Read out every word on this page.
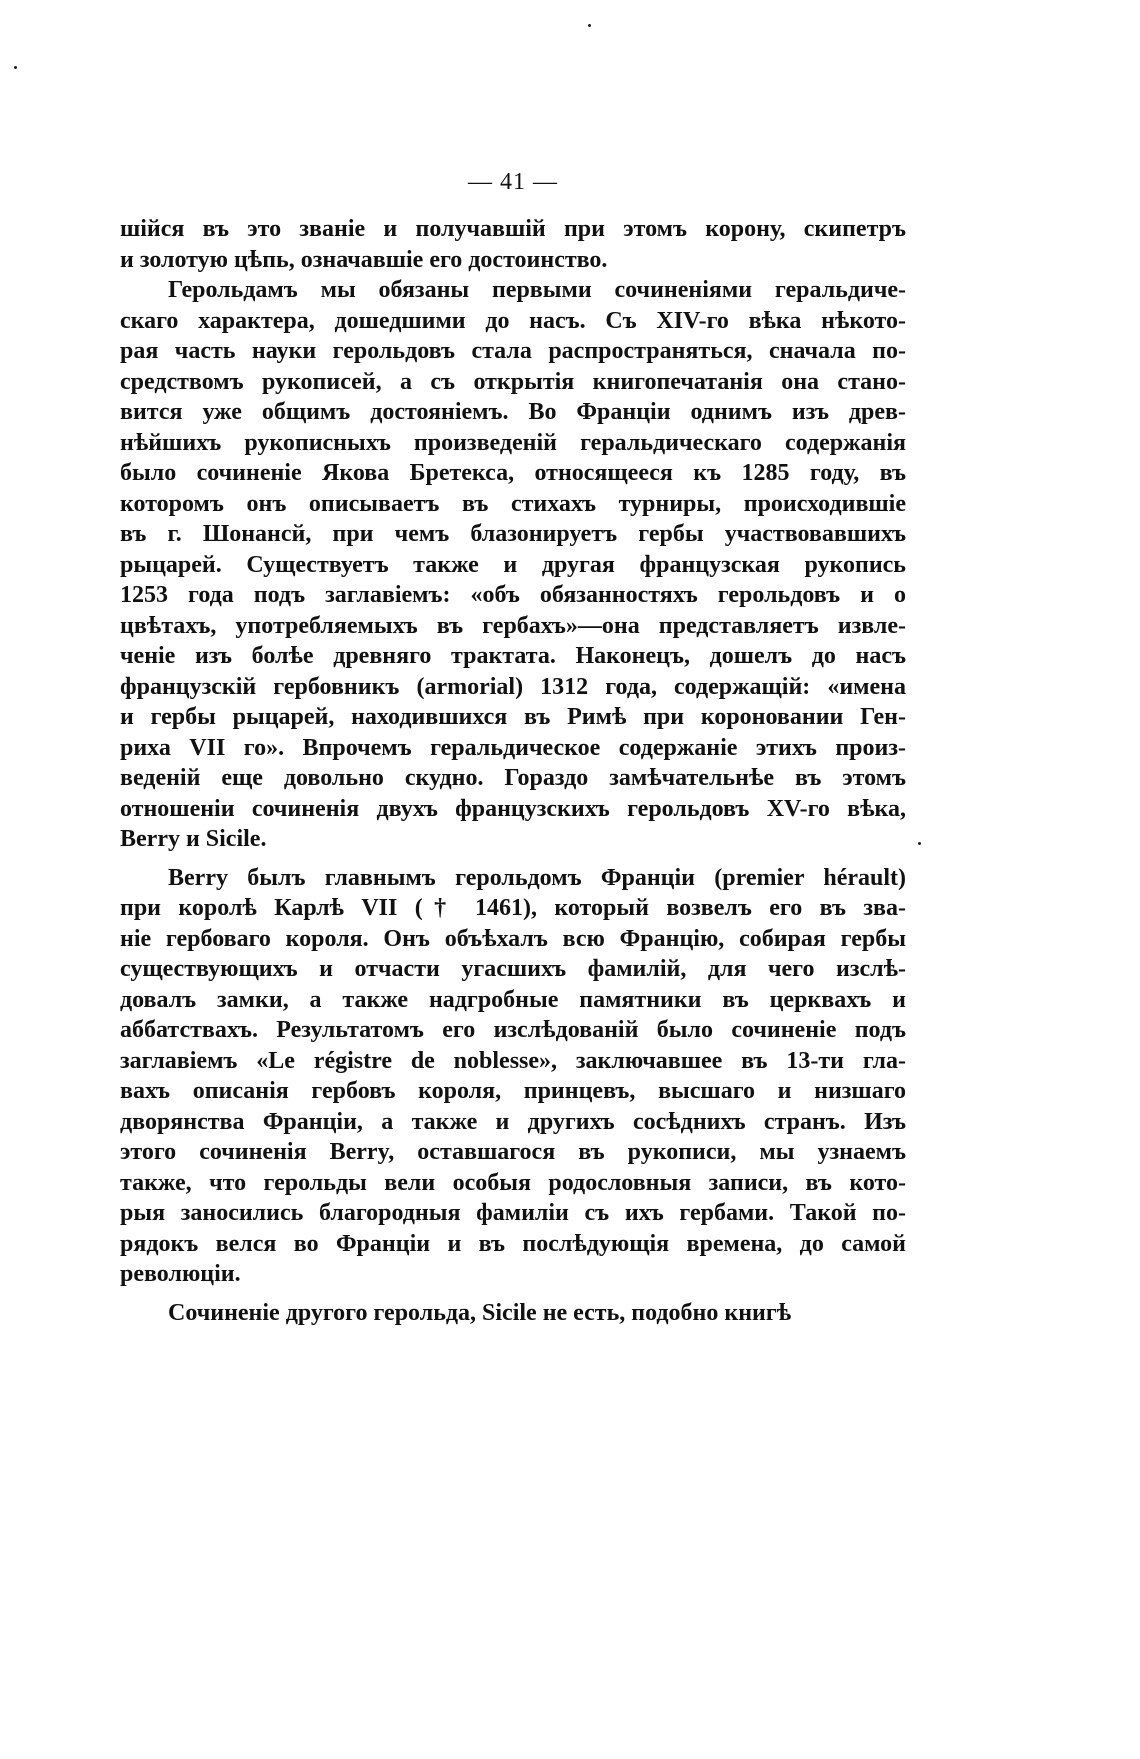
— 41 —
шійся въ это званіе и получавшій при этомъ корону, скипетръ
и золотую цѣпь, означавшіе его достоинство.
Герольдамъ мы обязаны первыми сочиненіями геральдиче-
скаго характера, дошедшими до насъ. Съ XIV-го вѣка нѣкото-
рая часть науки герольдовъ стала распространяться, сначала по-
средствомъ рукописей, а съ открытія книгопечатанія она стано-
вится уже общимъ достояніемъ. Во Франціи однимъ изъ древ-
нѣйшихъ рукописныхъ произведеній геральдическаго содержанія
было сочиненіе Якова Бретекса, относящееся къ 1285 году, въ
которомъ онъ описываетъ въ стихахъ турниры, происходившіе
въ г. Шонансй, при чемъ блазонируетъ гербы участвовавшихъ
рыцарей. Существуетъ также и другая французская рукопись
1253 года подъ заглавіемъ: «объ обязанностяхъ герольдовъ и о
цвѣтахъ, употребляемыхъ въ гербахъ»—она представляетъ извле-
ченіе изъ болѣе древняго трактата. Наконецъ, дошелъ до насъ
французскій гербовникъ (armorial) 1312 года, содержащій: «имена
и гербы рыцарей, находившихся въ Римѣ при короновании Ген-
риха VII го». Впрочемъ геральдическое содержаніе этихъ произ-
веденій еще довольно скудно. Гораздо замѣчательнѣе въ этомъ
отношеніи сочиненія двухъ французскихъ герольдовъ XV-го вѣка,
Berry и Sicile.
Berry былъ главнымъ герольдомъ Франціи (premier hérault)
при королѣ Карлѣ VII († 1461), который возвелъ его въ зва-
ніе гербоваго короля. Онъ объѣхалъ всю Францію, собирая гербы
существующихъ и отчасти угасшихъ фамилій, для чего изслѣ-
довалъ замки, а также надгробные памятники въ церквахъ и
аббатствахъ. Результатомъ его изслѣдованій было сочиненіе подъ
заглавіемъ «Le régistre de noblesse», заключавшее въ 13-ти гла-
вахъ описанія гербовъ короля, принцевъ, высшаго и низшаго
дворянства Франціи, а также и другихъ сосѣднихъ странъ. Изъ
этого сочиненія Berry, оставшагося въ рукописи, мы узнаемъ
также, что герольды вели особыя родословныя записи, въ кото-
рыя заносились благородныя фамиліи съ ихъ гербами. Такой по-
рядокъ велся во Франціи и въ послѣдующія времена, до самой
революціи.
Сочиненіе другого герольда, Sicile не есть, подобно книгѣ
